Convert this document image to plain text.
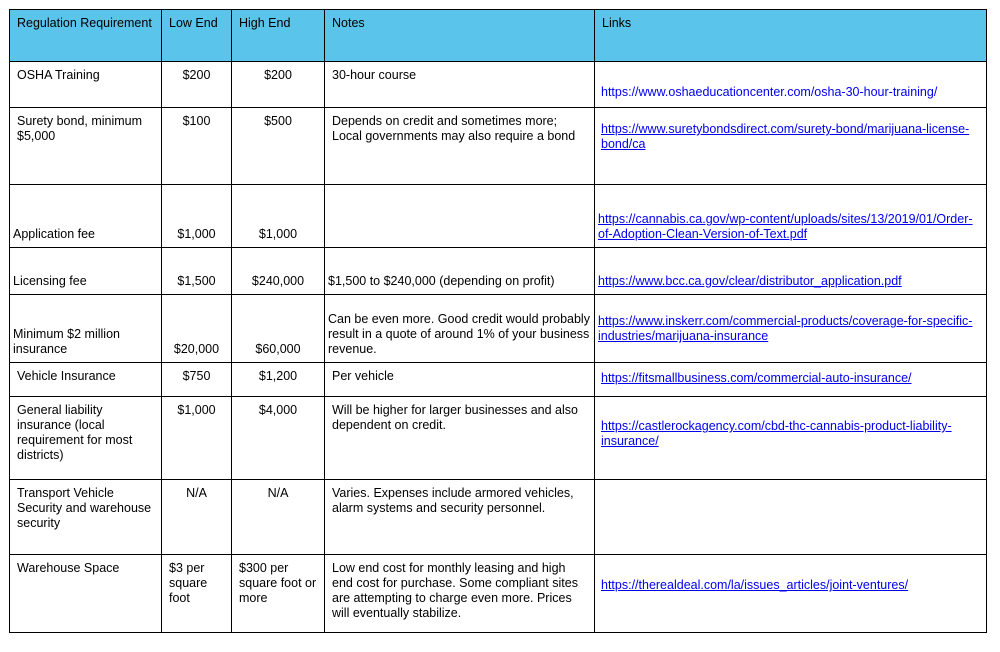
Regulation Requirement	Low End	High End	Notes	Links
OSHA Training	$200	$200	30-hour course	https://www.oshaeducationcenter.com/osha-30-hour-training/
Surety bond, minimum $5,000	$100	$500	Depends on credit and sometimes more; Local governments may also require a bond	https://www.suretybondsdirect.com/surety-bond/marijuana-license-bond/ca
Application fee	$1,000	$1,000		https://cannabis.ca.gov/wp-content/uploads/sites/13/2019/01/Order-of-Adoption-Clean-Version-of-Text.pdf
Licensing fee	$1,500	$240,000	$1,500 to $240,000 (depending on profit)	https://www.bcc.ca.gov/clear/distributor_application.pdf
Minimum $2 million insurance	$20,000	$60,000	Can be even more. Good credit would probably result in a quote of around 1% of your business revenue.	https://www.inskerr.com/commercial-products/coverage-for-specific-industries/marijuana-insurance
Vehicle Insurance	$750	$1,200	Per vehicle	https://fitsmallbusiness.com/commercial-auto-insurance/
General liability insurance (local requirement for most districts)	$1,000	$4,000	Will be higher for larger businesses and also dependent on credit.	https://castlerockagency.com/cbd-thc-cannabis-product-liability-insurance/
Transport Vehicle Security and warehouse security	N/A	N/A	Varies. Expenses include armored vehicles, alarm systems and security personnel.	
Warehouse Space	$3 per square foot	$300 per square foot or more	Low end cost for monthly leasing and high end cost for purchase. Some compliant sites are attempting to charge even more. Prices will eventually stabilize.	https://therealdeal.com/la/issues_articles/joint-ventures/
